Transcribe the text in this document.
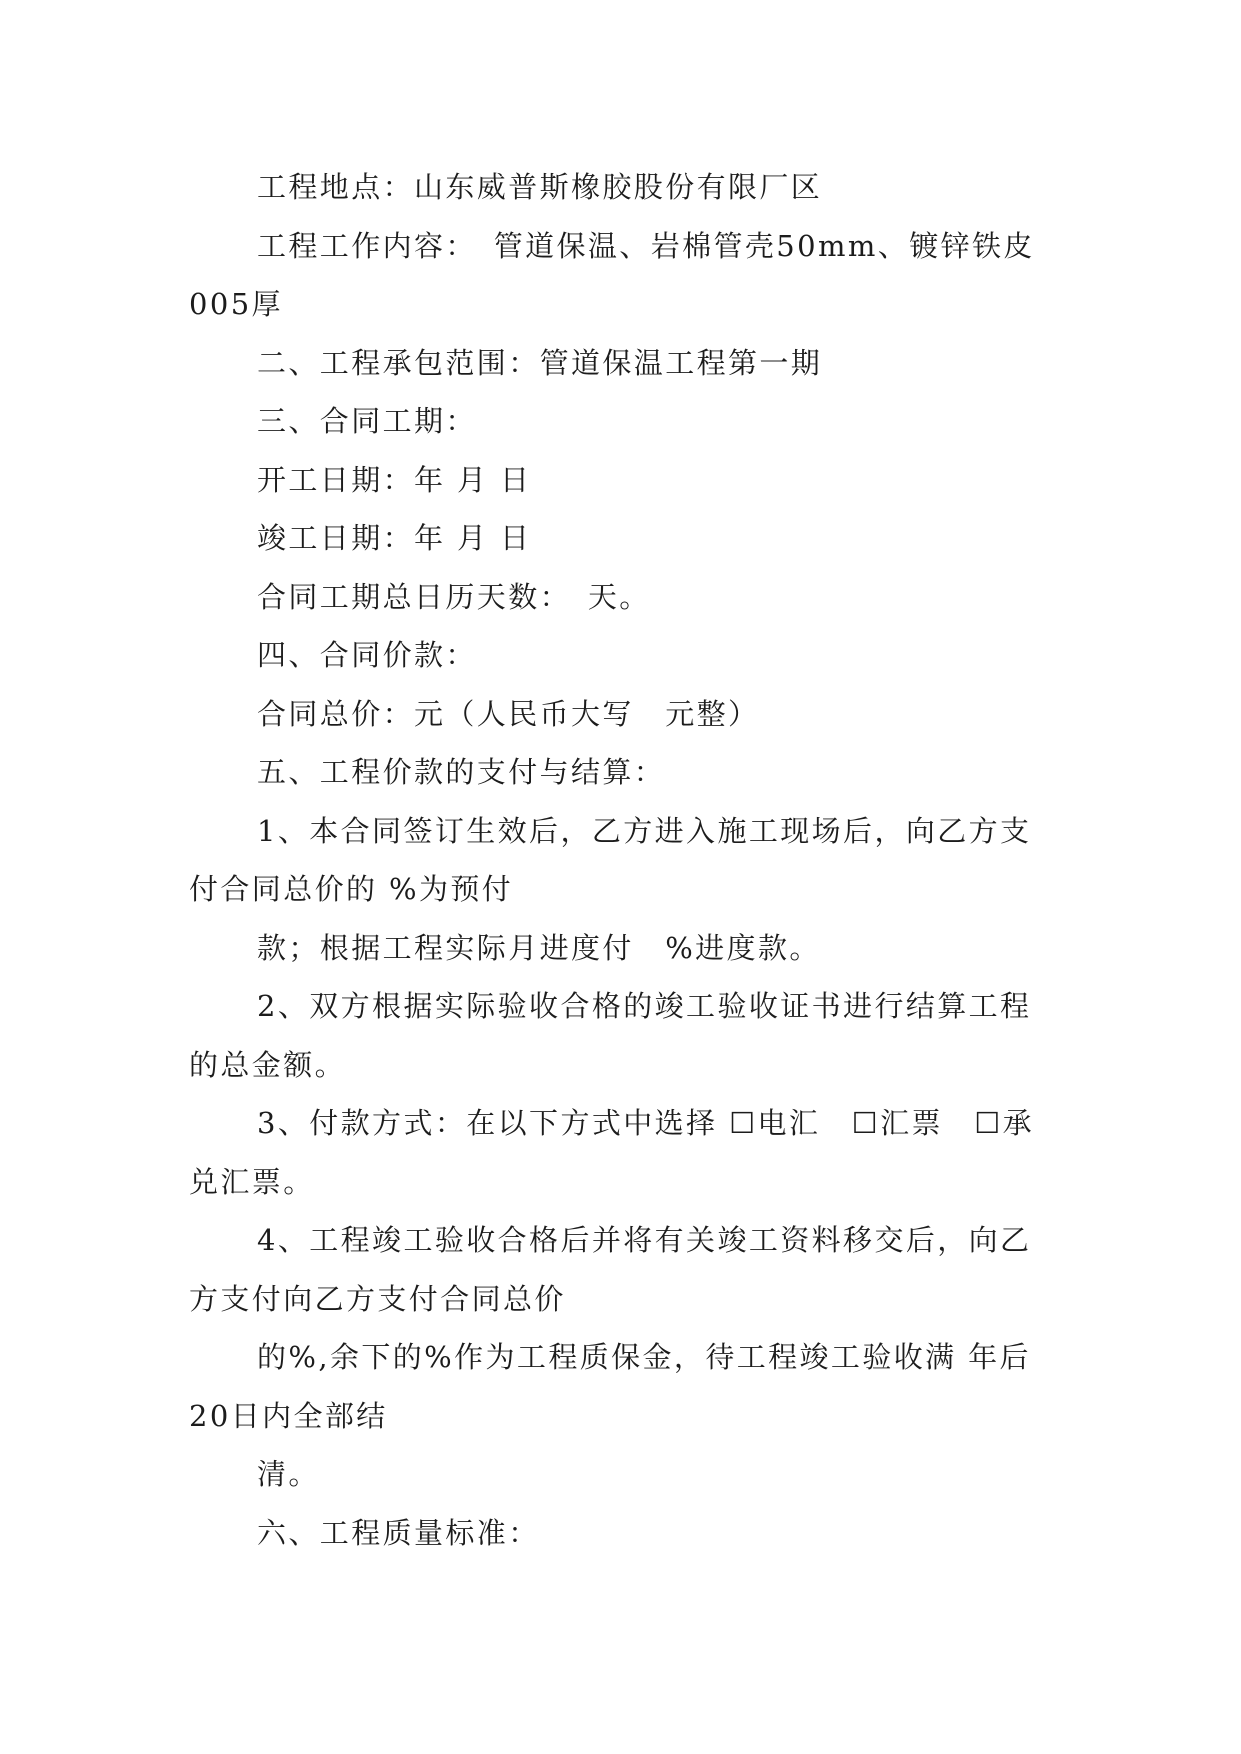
工程地点：山东威普斯橡胶股份有限厂区

工程工作内容：　管道保温、岩棉管壳50mm、镀锌铁皮005厚

二、工程承包范围：管道保温工程第一期

三、合同工期：

开工日期：年 月 日

竣工日期：年 月 日

合同工期总日历天数：　天。

四、合同价款：

合同总价：元（人民币大写　元整）

五、工程价款的支付与结算：

1、本合同签订生效后，乙方进入施工现场后，向乙方支付合同总价的 %为预付

款；根据工程实际月进度付　%进度款。

2、双方根据实际验收合格的竣工验收证书进行结算工程的总金额。

3、付款方式：在以下方式中选择 ☐电汇　☐汇票　☐承兑汇票。

4、工程竣工验收合格后并将有关竣工资料移交后，向乙方支付向乙方支付合同总价

的%,余下的%作为工程质保金，待工程竣工验收满 年后20日内全部结

清。

六、工程质量标准：
